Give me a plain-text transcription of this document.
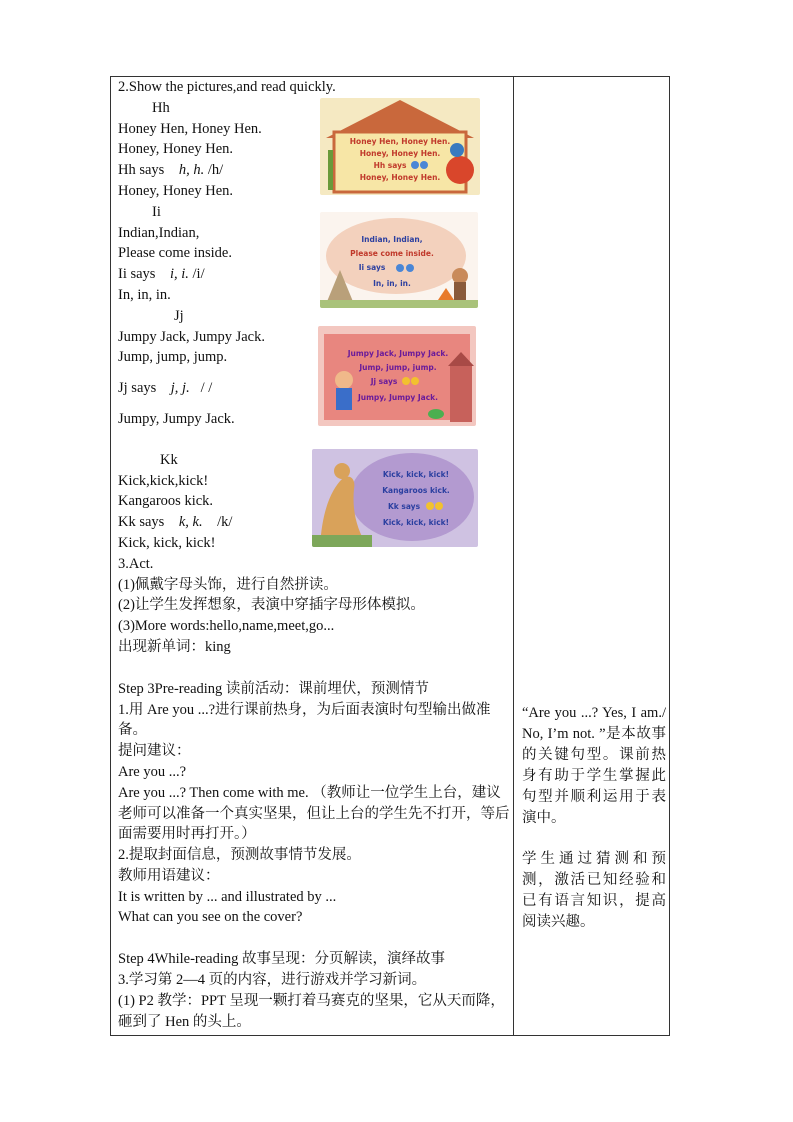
2.Show the pictures,and read quickly.
Hh
Honey Hen, Honey Hen.
Honey, Honey Hen.
Hh says h, h. /h/
Honey, Honey Hen.
Ii
Indian,Indian,
Please come inside.
Ii says i, i. /i/
In, in, in.
Jj
Jumpy Jack, Jumpy Jack.
Jump, jump, jump.
Jj says j, j. / /
Jumpy, Jumpy Jack.
Kk
Kick,kick,kick!
Kangaroos kick.
Kk says k, k. /k/
Kick, kick, kick!
3.Act.
(1)佩戴字母头饰，进行自然拼读。
(2)让学生发挥想象，表演中穿插字母形体模拟。
(3)More words:hello,name,meet,go...
出现新单词：king
Step 3Pre-reading 读前活动：课前埋伏，预测情节
1.用 Are you ...?进行课前热身，为后面表演时句型输出做准备。
提问建议：
Are you ...?
Are you ...? Then come with me. （教师让一位学生上台，建议老师可以准备一个真实坚果，但让上台的学生先不打开，等后面需要用时再打开。）
2.提取封面信息，预测故事情节发展。
教师用语建议：
It is written by ... and illustrated by ...
What can you see on the cover?
Step 4While-reading 故事呈现：分页解读，演绎故事
3.学习第 2—4 页的内容，进行游戏并学习新词。
(1) P2 教学：PPT 呈现一颗打着马赛克的坚果，它从天而降，砸到了 Hen 的头上。

“Are you ...? Yes, I am./ No, I’m not. ”是本故事的关键句型。课前热身有助于学生掌握此句型并顺利运用于表演中。

学生通过猜测和预测，激活已知经验和已有语言知识，提高阅读兴趣。

Honey Hen, Honey Hen.
Honey, Honey Hen.
Hh says
Honey, Honey Hen.
Indian, Indian,
Please come inside.
Ii says
In, in, in.
Jumpy Jack, Jumpy Jack.
Jump, jump, jump.
Jj says
Jumpy, Jumpy Jack.
Kick, kick, kick!
Kangaroos kick.
Kk says
Kick, kick, kick!
